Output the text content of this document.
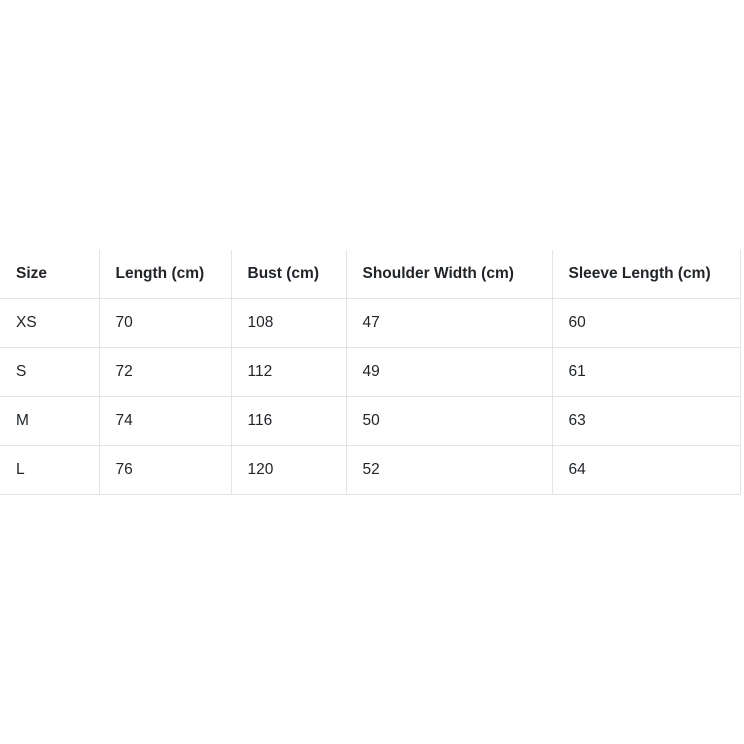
Size	Length (cm)	Bust (cm)	Shoulder Width (cm)	Sleeve Length (cm)
XS	70	108	47	60
S	72	112	49	61
M	74	116	50	63
L	76	120	52	64
